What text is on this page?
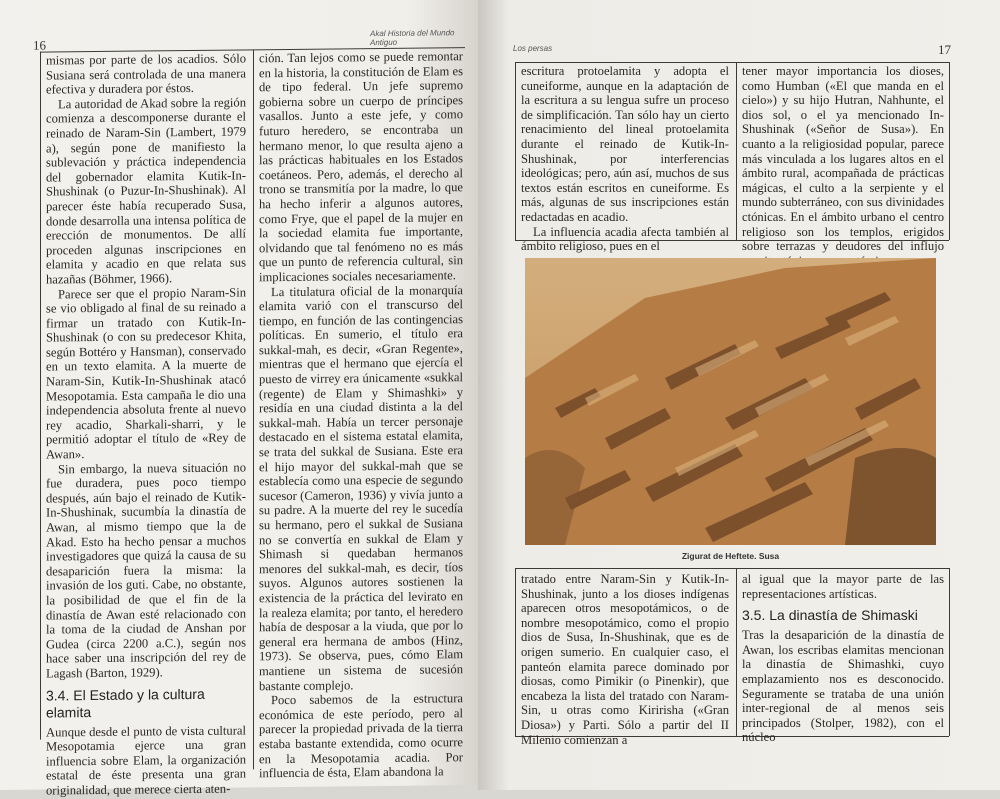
16
Akal Historia del Mundo Antiguo

mismas por parte de los acadios. Sólo Susiana será controlada de una manera efectiva y duradera por éstos.

La autoridad de Akad sobre la región comienza a descomponerse durante el reinado de Naram-Sin (Lambert, 1979 a), según pone de manifiesto la sublevación y práctica independencia del gobernador elamita Kutik-In-Shushinak (o Puzur-In-Shushinak). Al parecer éste había recuperado Susa, donde desarrolla una intensa política de erección de monumentos. De allí proceden algunas inscripciones en elamita y acadio en que relata sus hazañas (Böhmer, 1966).

Parece ser que el propio Naram-Sin se vio obligado al final de su reinado a firmar un tratado con Kutik-In-Shushinak (o con su predecesor Khita, según Bottéro y Hansman), conservado en un texto elamita. A la muerte de Naram-Sin, Kutik-In-Shushinak atacó Mesopotamia. Esta campaña le dio una independencia absoluta frente al nuevo rey acadio, Sharkali-sharri, y le permitió adoptar el título de «Rey de Awan».

Sin embargo, la nueva situación no fue duradera, pues poco tiempo después, aún bajo el reinado de Kutik-In-Shushinak, sucumbía la dinastía de Awan, al mismo tiempo que la de Akad. Esto ha hecho pensar a muchos investigadores que quizá la causa de su desaparición fuera la misma: la invasión de los guti. Cabe, no obstante, la posibilidad de que el fin de la dinastía de Awan esté relacionado con la toma de la ciudad de Anshan por Gudea (circa 2200 a.C.), según nos hace saber una inscripción del rey de Lagash (Barton, 1929).

3.4. El Estado y la cultura elamita

Aunque desde el punto de vista cultural Mesopotamia ejerce una gran influencia sobre Elam, la organización estatal de éste presenta una gran originalidad, que merece cierta aten-

ción. Tan lejos como se puede remontar en la historia, la constitución de Elam es de tipo federal. Un jefe supremo gobierna sobre un cuerpo de príncipes vasallos. Junto a este jefe, y como futuro heredero, se encontraba un hermano menor, lo que resulta ajeno a las prácticas habituales en los Estados coetáneos. Pero, además, el derecho al trono se transmitía por la madre, lo que ha hecho inferir a algunos autores, como Frye, que el papel de la mujer en la sociedad elamita fue importante, olvidando que tal fenómeno no es más que un punto de referencia cultural, sin implicaciones sociales necesariamente.

La titulatura oficial de la monarquía elamita varió con el transcurso del tiempo, en función de las contingencias políticas. En sumerio, el título era sukkal-mah, es decir, «Gran Regente», mientras que el hermano que ejercía el puesto de virrey era únicamente «sukkal (regente) de Elam y Shimashki» y residía en una ciudad distinta a la del sukkal-mah. Había un tercer personaje destacado en el sistema estatal elamita, se trata del sukkal de Susiana. Este era el hijo mayor del sukkal-mah que se establecía como una especie de segundo sucesor (Cameron, 1936) y vivía junto a su padre. A la muerte del rey le sucedía su hermano, pero el sukkal de Susiana no se convertía en sukkal de Elam y Shimash si quedaban hermanos menores del sukkal-mah, es decir, tíos suyos. Algunos autores sostienen la existencia de la práctica del levirato en la realeza elamita; por tanto, el heredero había de desposar a la viuda, que por lo general era hermana de ambos (Hinz, 1973). Se observa, pues, cómo Elam mantiene un sistema de sucesión bastante complejo.

Poco sabemos de la estructura económica de este período, pero al parecer la propiedad privada de la tierra estaba bastante extendida, como ocurre en la Mesopotamia acadia. Por influencia de ésta, Elam abandona la

Los persas	17

escritura protoelamita y adopta el cuneiforme, aunque en la adaptación de la escritura a su lengua sufre un proceso de simplificación. Tan sólo hay un cierto renacimiento del lineal protoelamita durante el reinado de Kutik-In-Shushinak, por interferencias ideológicas; pero, aún así, muchos de sus textos están escritos en cuneiforme. Es más, algunas de sus inscripciones están redactadas en acadio.

La influencia acadia afecta también al ámbito religioso, pues en el

tener mayor importancia los dioses, como Humban («El que manda en el cielo») y su hijo Hutran, Nahhunte, el dios sol, o el ya mencionado In-Shushinak («Señor de Susa»). En cuanto a la religiosidad popular, parece más vinculada a los lugares altos en el ámbito rural, acompañada de prácticas mágicas, el culto a la serpiente y el mundo subterráneo, con sus divinidades ctónicas. En el ámbito urbano el centro religioso son los templos, erigidos sobre terrazas y deudores del influjo

Zigurat de Heftete. Susa

tratado entre Naram-Sin y Kutik-In-Shushinak, junto a los dioses indígenas aparecen otros mesopotámicos, o de nombre mesopotámico, como el propio dios de Susa, In-Shushinak, que es de origen sumerio. En cualquier caso, el panteón elamita parece dominado por diosas, como Pimikir (o Pinenkir), que encabeza la lista del tratado con Naram-Sin, u otras como Kiririsha («Gran Diosa») y Parti. Sólo a partir del II Milenio comienzan a

al igual que la mayor parte de las representaciones artísticas.

3.5. La dinastía de Shimaski

Tras la desaparición de la dinastía de Awan, los escribas elamitas mencionan la dinastía de Shimashki, cuyo emplazamiento nos es desconocido. Seguramente se trataba de una unión inter-regional de al menos seis principados (Stolper, 1982), con el núcleo
